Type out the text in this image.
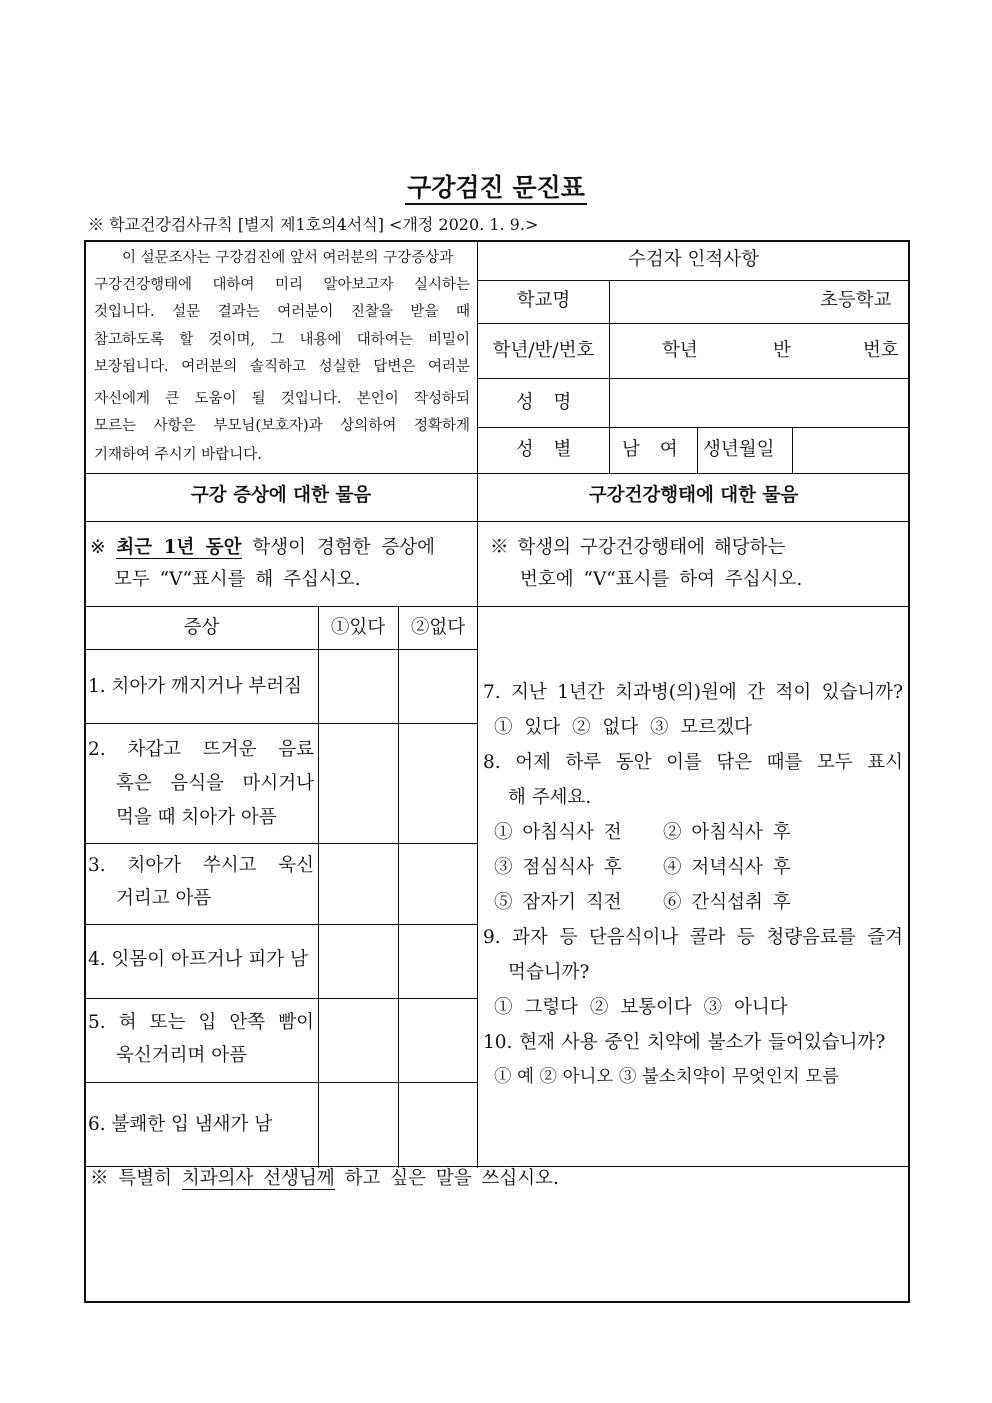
구강검진 문진표
※ 학교건강검사규칙 [별지 제1호의4서식] <개정 2020. 1. 9.>
이 설문조사는 구강검진에 앞서 여러분의 구강증상과
구강건강행태에 대하여 미리 알아보고자 실시하는
것입니다. 설문 결과는 여러분이 진찰을 받을 때
참고하도록 할 것이며, 그 내용에 대하여는 비밀이
보장됩니다. 여러분의 솔직하고 성실한 답변은 여러분
자신에게 큰 도움이 될 것입니다. 본인이 작성하되
모르는 사항은 부모님(보호자)과 상의하여 정확하게
기재하여 주시기 바랍니다.
수검자 인적사항
학교명	초등학교
학년/반/번호	학년	반	번호
성 명
성 별	남 여 생년월일
구강 증상에 대한 물음	구강건강행태에 대한 물음
※ 최근 1년 동안 학생이 경험한 증상에
모두 “V“표시를 해 주십시오.
※ 학생의 구강건강행태에 해당하는
번호에 “V“표시를 하여 주십시오.
증상	①있다	②없다
1. 치아가 깨지거나 부러짐
2. 차갑고 뜨거운 음료
혹은 음식을 마시거나
먹을 때 치아가 아픔
3. 치아가 쑤시고 욱신
거리고 아픔
4. 잇몸이 아프거나 피가 남
5. 혀 또는 입 안쪽 빰이
욱신거리며 아픔
6. 불쾌한 입 냄새가 남
7. 지난 1년간 치과병(의)원에 간 적이 있습니까?
① 있다 ② 없다 ③ 모르겠다
8. 어제 하루 동안 이를 닦은 때를 모두 표시
해 주세요.
① 아침식사 전	② 아침식사 후
③ 점심식사 후	④ 저녁식사 후
⑤ 잠자기 직전	⑥ 간식섭취 후
9. 과자 등 단음식이나 콜라 등 청량음료를 즐겨
먹습니까?
① 그렇다 ② 보통이다 ③ 아니다
10. 현재 사용 중인 치약에 불소가 들어있습니까?
① 예 ② 아니오 ③ 불소치약이 무엇인지 모름
※ 특별히 치과의사 선생님께 하고 싶은 말을 쓰십시오.
